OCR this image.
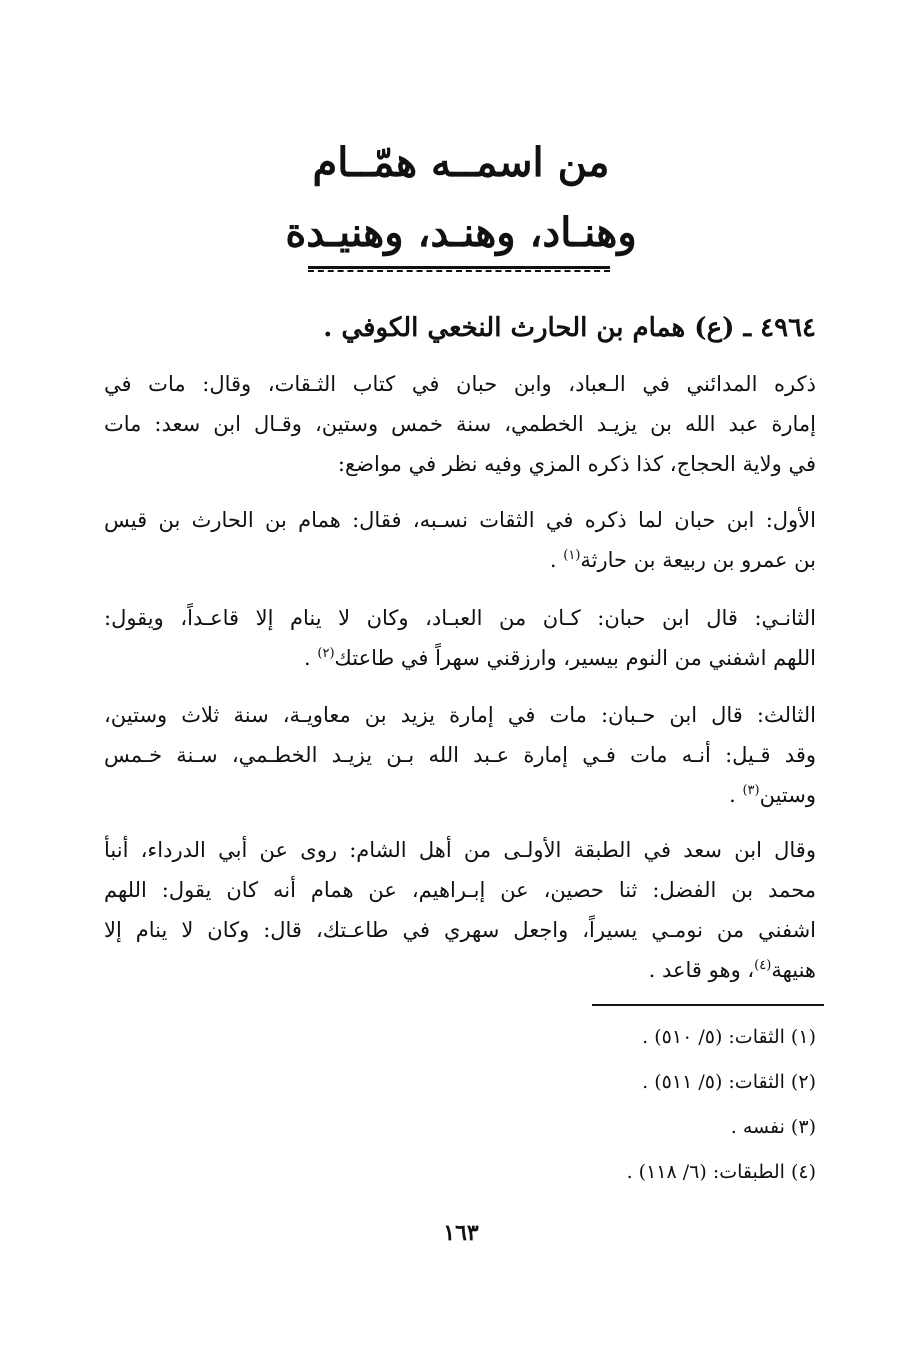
من اسمــه همّــام
وهنـاد، وهنـد، وهنيـدة
٤٩٦٤ ـ (ع) همام بن الحارث النخعي الكوفي .
ذكره المدائني في الـعباد، وابن حبان في كتاب الثـقات، وقال: مات في
إمارة عبد الله بن يزيـد الخطمي، سنة خمس وستين، وقـال ابن سعد: مات
في ولاية الحجاج، كذا ذكره المزي وفيه نظر في مواضع:
الأول: ابن حبان لما ذكره في الثقات نسـبه، فقال: همام بن الحارث بن قيس
بن عمرو بن ربيعة بن حارثة$^{(١)}$ .
الثانـي: قال ابن حبان: كـان من العبـاد، وكان لا ينام إلا قاعـداً، ويقول:
اللهم اشفني من النوم بيسير، وارزقني سهراً في طاعتك$^{(٢)}$ .
الثالث: قال ابن حـبان: مات في إمارة يزيد بن معاويـة، سنة ثلاث وستين،
وقد قـيل: أنـه مات فـي إمارة عـبد الله بـن يزيـد الخطـمي، سـنة خـمس
وستين$^{(٣)}$ .
وقال ابن سعد في الطبقة الأولـى من أهل الشام: روى عن أبي الدرداء، أنبأ
محمد بن الفضل: ثنا حصين، عن إبـراهيم، عن همام أنه كان يقول: اللهم
اشفني من نومـي يسيراً، واجعل سهري في طاعـتك، قال: وكان لا ينام إلا
هنيهة$^{(٤)}$، وهو قاعد .
(١) الثقات: (٥/ ٥١٠) .
(٢) الثقات: (٥/ ٥١١) .
(٣) نفسه .
(٤) الطبقات: (٦/ ١١٨) .
١٦٣
